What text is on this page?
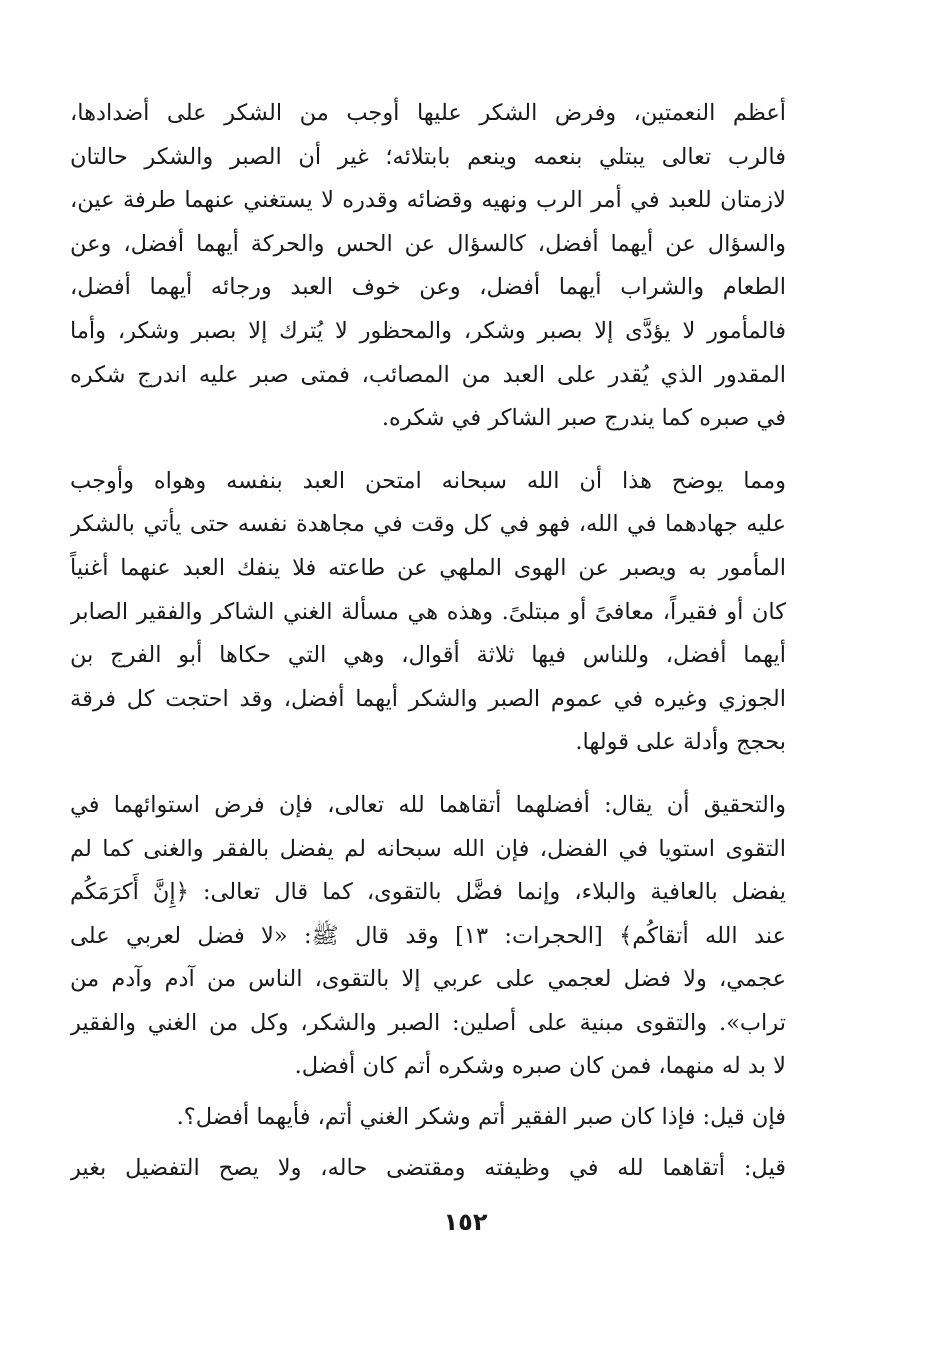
أعظم النعمتين، وفرض الشكر عليها أوجب من الشكر على أضدادها،
فالرب تعالى يبتلي بنعمه وينعم بابتلائه؛ غير أن الصبر والشكر حالتان
لازمتان للعبد في أمر الرب ونهيه وقضائه وقدره لا يستغني عنهما طرفة عين،
والسؤال عن أيهما أفضل، كالسؤال عن الحس والحركة أيهما أفضل، وعن
الطعام والشراب أيهما أفضل، وعن خوف العبد ورجائه أيهما أفضل،
فالمأمور لا يؤدَّى إلا بصبر وشكر، والمحظور لا يُترك إلا بصبر وشكر، وأما
المقدور الذي يُقدر على العبد من المصائب، فمتى صبر عليه اندرج شكره
في صبره كما يندرج صبر الشاكر في شكره.
ومما يوضح هذا أن الله سبحانه امتحن العبد بنفسه وهواه وأوجب
عليه جهادهما في الله، فهو في كل وقت في مجاهدة نفسه حتى يأتي بالشكر
المأمور به ويصبر عن الهوى الملهي عن طاعته فلا ينفك العبد عنهما أغنياً
كان أو فقيراً، معافىً أو مبتلىً. وهذه هي مسألة الغني الشاكر والفقير الصابر
أيهما أفضل، وللناس فيها ثلاثة أقوال، وهي التي حكاها أبو الفرج بن
الجوزي وغيره في عموم الصبر والشكر أيهما أفضل، وقد احتجت كل فرقة
بحجج وأدلة على قولها.
والتحقيق أن يقال: أفضلهما أتقاهما لله تعالى، فإن فرض استوائهما في
التقوى استويا في الفضل، فإن الله سبحانه لم يفضل بالفقر والغنى كما لم
يفضل بالعافية والبلاء، وإنما فضَّل بالتقوى، كما قال تعالى: ﴿إِنَّ أَكرَمَكُم
عند الله أتقاكُم﴾ [الحجرات: ١٣] وقد قال ﷺ: «لا فضل لعربي على
عجمي، ولا فضل لعجمي على عربي إلا بالتقوى، الناس من آدم وآدم من
تراب». والتقوى مبنية على أصلين: الصبر والشكر، وكل من الغني والفقير
لا بد له منهما، فمن كان صبره وشكره أتم كان أفضل.
فإن قيل: فإذا كان صبر الفقير أتم وشكر الغني أتم، فأيهما أفضل؟.
قيل: أتقاهما لله في وظيفته ومقتضى حاله، ولا يصح التفضيل بغير
١٥٢
